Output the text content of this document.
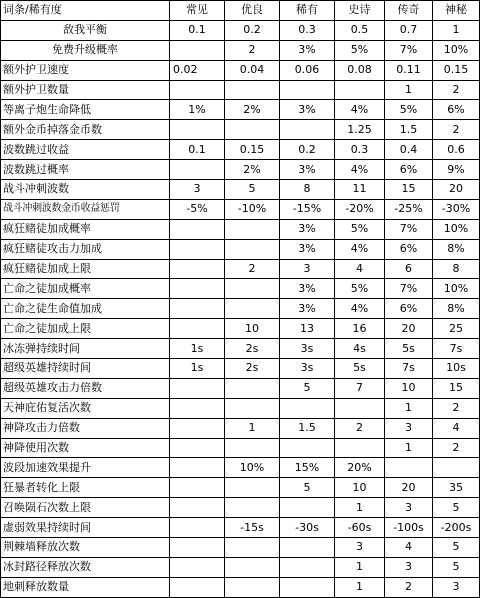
词条/稀有度	常见	优良	稀有	史诗	传奇	神秘
敌我平衡	0.1	0.2	0.3	0.5	0.7	1
免费升级概率		2	3%	5%	7%	10%
额外护卫速度	0.02	0.04	0.06	0.08	0.11	0.15
额外护卫数量					1	2
等离子炮生命降低	1%	2%	3%	4%	5%	6%
额外金币掉落金币数				1.25	1.5	2
波数跳过收益	0.1	0.15	0.2	0.3	0.4	0.6
波数跳过概率		2%	3%	4%	6%	9%
战斗冲刺波数	3	5	8	11	15	20
战斗冲刺波数金币收益惩罚	-5%	-10%	-15%	-20%	-25%	-30%
疯狂赌徒加成概率			3%	5%	7%	10%
疯狂赌徒攻击力加成			3%	4%	6%	8%
疯狂赌徒加成上限		2	3	4	6	8
亡命之徒加成概率			3%	5%	7%	10%
亡命之徒生命值加成			3%	4%	6%	8%
亡命之徒加成上限		10	13	16	20	25
冰冻弹持续时间	1s	2s	3s	4s	5s	7s
超级英雄持续时间	1s	2s	3s	5s	7s	10s
超级英雄攻击力倍数			5	7	10	15
天神庇佑复活次数					1	2
神降攻击力倍数		1	1.5	2	3	4
神降使用次数					1	2
波段加速效果提升		10%	15%	20%		
狂暴者转化上限			5	10	20	35
召唤陨石次数上限				1	3	5
虚弱效果持续时间		-15s	-30s	-60s	-100s	-200s
荆棘墙释放次数				3	4	5
冰封路径释放次数				1	3	5
地刺释放数量				1	2	3
